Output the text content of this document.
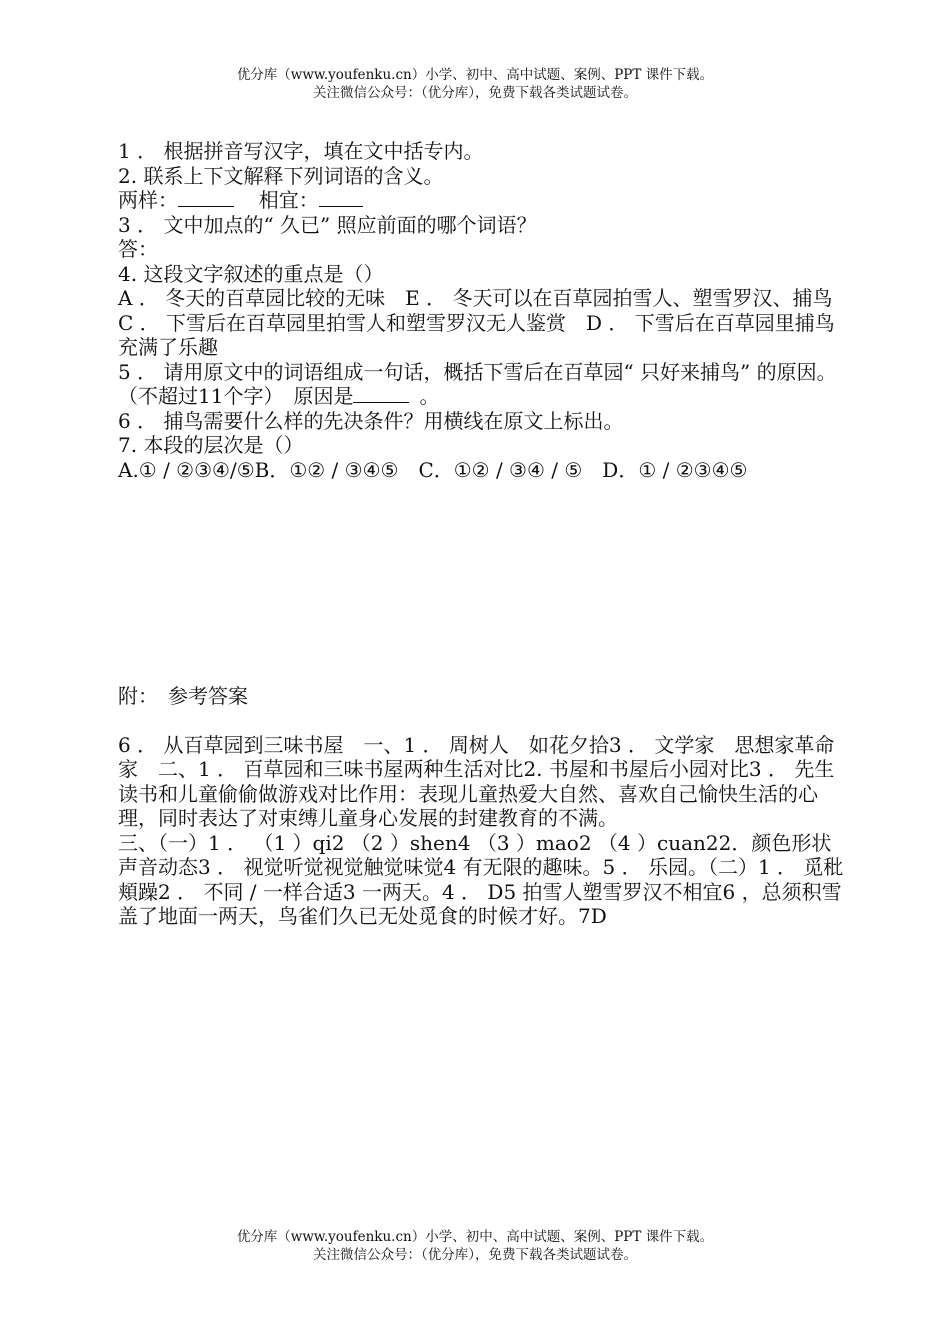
优分库（www.youfenku.cn）小学、初中、高中试题、案例、PPT 课件下载。
关注微信公众号：（优分库），免费下载各类试题试卷。

1 ． 根据拼音写汉字，填在文中括专内。

2. 联系上下文解释下列词语的含义。

两样：	相宜：

3 ． 文中加点的“ 久已” 照应前面的哪个词语？

答：

4. 这段文字叙述的重点是（）

A ． 冬天的百草园比较的无味　E ． 冬天可以在百草园拍雪人、塑雪罗汉、捕鸟　C ． 下雪后在百草园里拍雪人和塑雪罗汉无人鉴赏　D ． 下雪后在百草园里捕鸟充满了乐趣

5 ． 请用原文中的词语组成一句话，概括下雪后在百草园“ 只好来捕鸟” 的原因。（不超过11个字）　原因是	。

6 ． 捕鸟需要什么样的先决条件？用横线在原文上标出。

7. 本段的层次是（）

A.① / ②③④/⑤B．①② / ③④⑤　C．①② / ③④ / ⑤　D．① / ②③④⑤

附：　参考答案

6 ． 从百草园到三味书屋　一、1 ． 周树人　如花夕拾3 ． 文学家　思想家革命家　二、1 ． 百草园和三味书屋两种生活对比2. 书屋和书屋后小园对比3 ． 先生读书和儿童偷偷做游戏对比作用：表现儿童热爱大自然、喜欢自己愉快生活的心理，同时表达了对束缚儿童身心发展的封建教育的不满。

三、（一）1 ． （1 ）qi2 （2 ）shen4 （3 ）mao2 （4 ）cuan22．颜色形状声音动态3 ． 视觉听觉视觉触觉味觉4 有无限的趣味。5 ． 乐园。（二）1 ． 觅秕頬躁2 ． 不同 / 一样合适3 一两天。4 ． D5 拍雪人塑雪罗汉不相宜6 ，总须积雪盖了地面一两天，鸟雀们久已无处觅食的时候才好。7D

优分库（www.youfenku.cn）小学、初中、高中试题、案例、PPT 课件下载。
关注微信公众号：（优分库），免费下载各类试题试卷。
